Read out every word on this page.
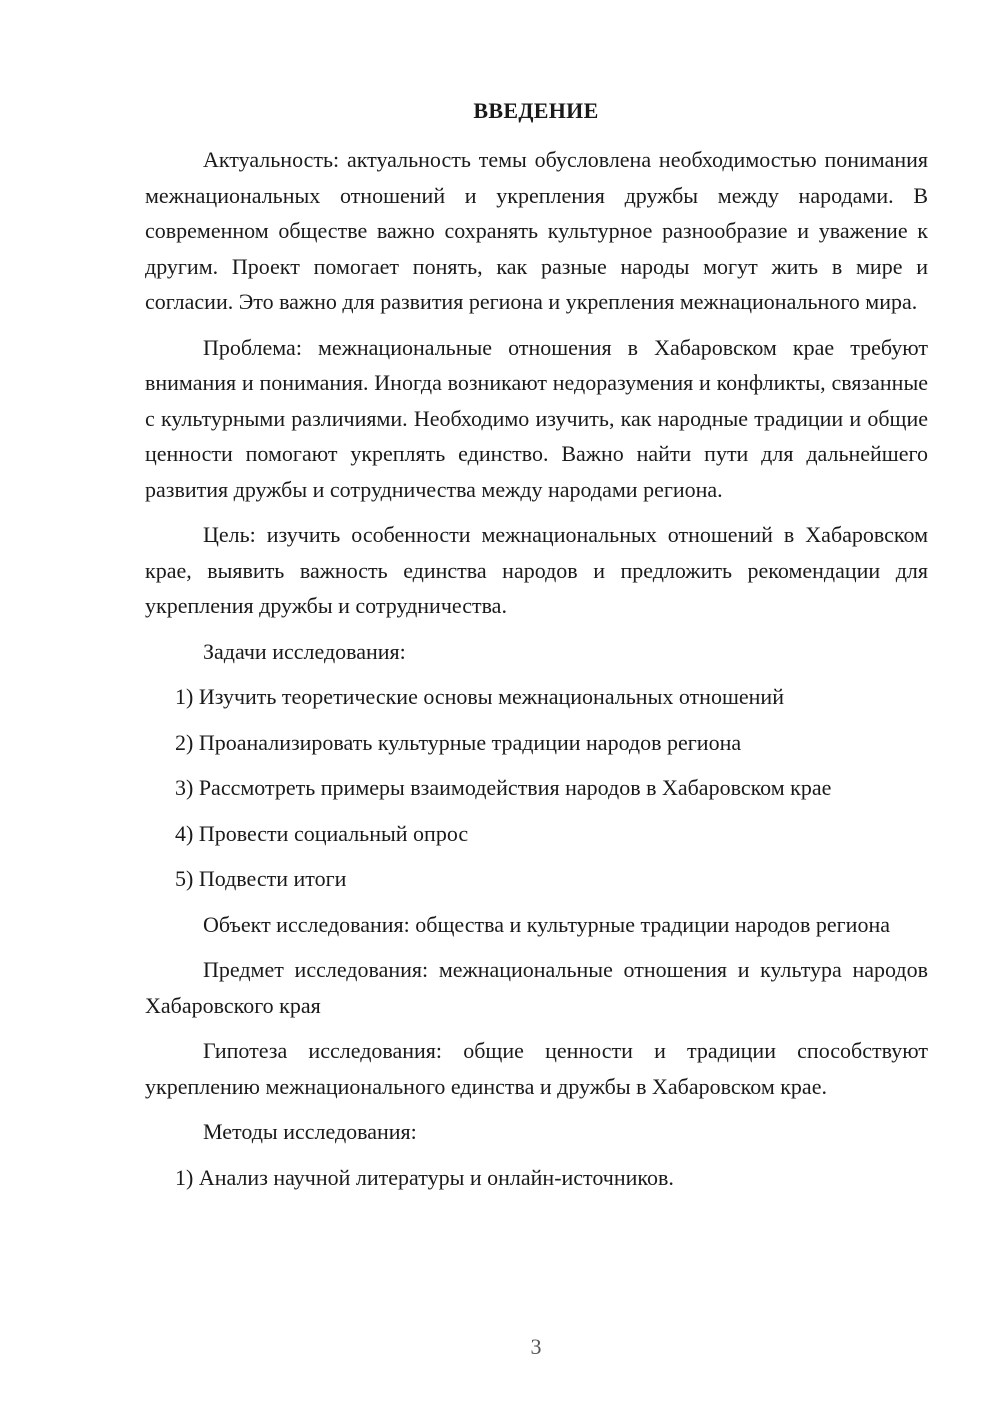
ВВЕДЕНИЕ

Актуальность: актуальность темы обусловлена необходимостью понимания межнациональных отношений и укрепления дружбы между народами. В современном обществе важно сохранять культурное разнообразие и уважение к другим. Проект помогает понять, как разные народы могут жить в мире и согласии. Это важно для развития региона и укрепления межнационального мира.

Проблема: межнациональные отношения в Хабаровском крае требуют внимания и понимания. Иногда возникают недоразумения и конфликты, связанные с культурными различиями. Необходимо изучить, как народные традиции и общие ценности помогают укреплять единство. Важно найти пути для дальнейшего развития дружбы и сотрудничества между народами региона.

Цель: изучить особенности межнациональных отношений в Хабаровском крае, выявить важность единства народов и предложить рекомендации для укрепления дружбы и сотрудничества.

Задачи исследования:

1) Изучить теоретические основы межнациональных отношений

2) Проанализировать культурные традиции народов региона

3) Рассмотреть примеры взаимодействия народов в Хабаровском крае

4) Провести социальный опрос

5) Подвести итоги

Объект исследования: общества и культурные традиции народов региона

Предмет исследования: межнациональные отношения и культура народов Хабаровского края

Гипотеза исследования: общие ценности и традиции способствуют укреплению межнационального единства и дружбы в Хабаровском крае.

Методы исследования:

1) Анализ научной литературы и онлайн-источников.

3
